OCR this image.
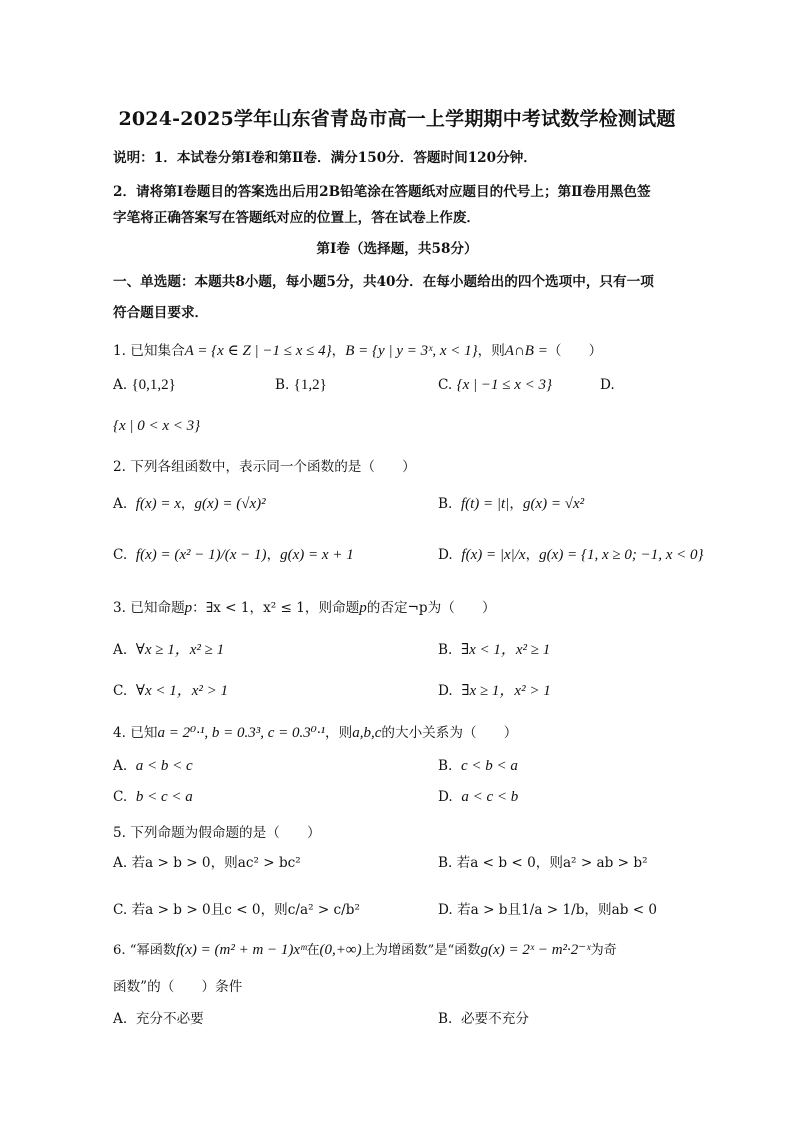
2024-2025学年山东省青岛市高一上学期期中考试数学检测试题
说明：1．本试卷分第Ⅰ卷和第Ⅱ卷．满分150分．答题时间120分钟．
2．请将第Ⅰ卷题目的答案选出后用2B铅笔涂在答题纸对应题目的代号上；第Ⅱ卷用黑色签
字笔将正确答案写在答题纸对应的位置上，答在试卷上作废．
第Ⅰ卷（选择题，共58分）
一、单选题：本题共8小题，每小题5分，共40分．在每小题给出的四个选项中，只有一项
符合题目要求．
1. 已知集合A = {x ∈ Z | −1 ≤ x ≤ 4}，B = {y | y = 3ˣ, x < 1}，则A∩B =（　　）
A. {0,1,2}	B. {1,2}	C. {x | −1 ≤ x < 3}	D.
{x | 0 < x < 3}
2. 下列各组函数中，表示同一个函数的是（　　）
A. f(x) = x，g(x) = (√x)²	B. f(t) = |t|，g(x) = √x²
C. f(x) = (x² − 1)/(x − 1)，g(x) = x + 1	D. f(x) = |x|/x，g(x) = {1, x ≥ 0; −1, x < 0}
3. 已知命题p：∃x < 1，x² ≤ 1，则命题p的否定¬p为（　　）
A. ∀x ≥ 1，x² ≥ 1	B. ∃x < 1，x² ≥ 1
C. ∀x < 1，x² > 1	D. ∃x ≥ 1，x² > 1
4. 已知a = 2⁰·¹, b = 0.3³, c = 0.3⁰·¹，则a,b,c的大小关系为（　　）
A. a < b < c	B. c < b < a
C. b < c < a	D. a < c < b
5. 下列命题为假命题的是（　　）
A. 若a > b > 0，则ac² > bc²	B. 若a < b < 0，则a² > ab > b²
C. 若a > b > 0且c < 0，则c/a² > c/b²	D. 若a > b且1/a > 1/b，则ab < 0
6. “幂函数f(x) = (m² + m − 1)xᵐ在(0,+∞)上为增函数”是“函数g(x) = 2ˣ − m²·2⁻ˣ为奇
函数”的（　　）条件
A. 充分不必要	B. 必要不充分
